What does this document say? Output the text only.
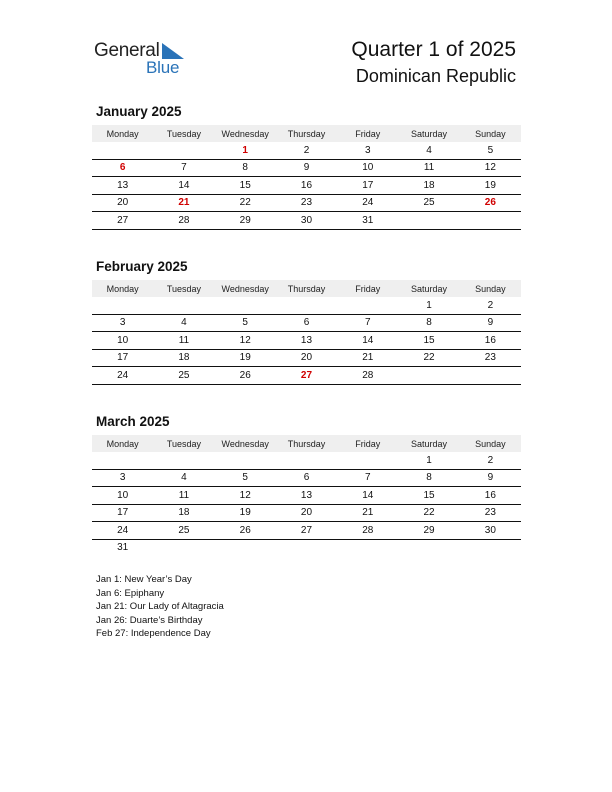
General
Blue
Quarter 1 of 2025
Dominican Republic
January 2025
Monday	Tuesday	Wednesday	Thursday	Friday	Saturday	Sunday
		1	2	3	4	5
6	7	8	9	10	11	12
13	14	15	16	17	18	19
20	21	22	23	24	25	26
27	28	29	30	31		
February 2025
Monday	Tuesday	Wednesday	Thursday	Friday	Saturday	Sunday
					1	2
3	4	5	6	7	8	9
10	11	12	13	14	15	16
17	18	19	20	21	22	23
24	25	26	27	28		
March 2025
Monday	Tuesday	Wednesday	Thursday	Friday	Saturday	Sunday
					1	2
3	4	5	6	7	8	9
10	11	12	13	14	15	16
17	18	19	20	21	22	23
24	25	26	27	28	29	30
31						
Jan 1: New Year’s Day
Jan 6: Epiphany
Jan 21: Our Lady of Altagracia
Jan 26: Duarte’s Birthday
Feb 27: Independence Day
